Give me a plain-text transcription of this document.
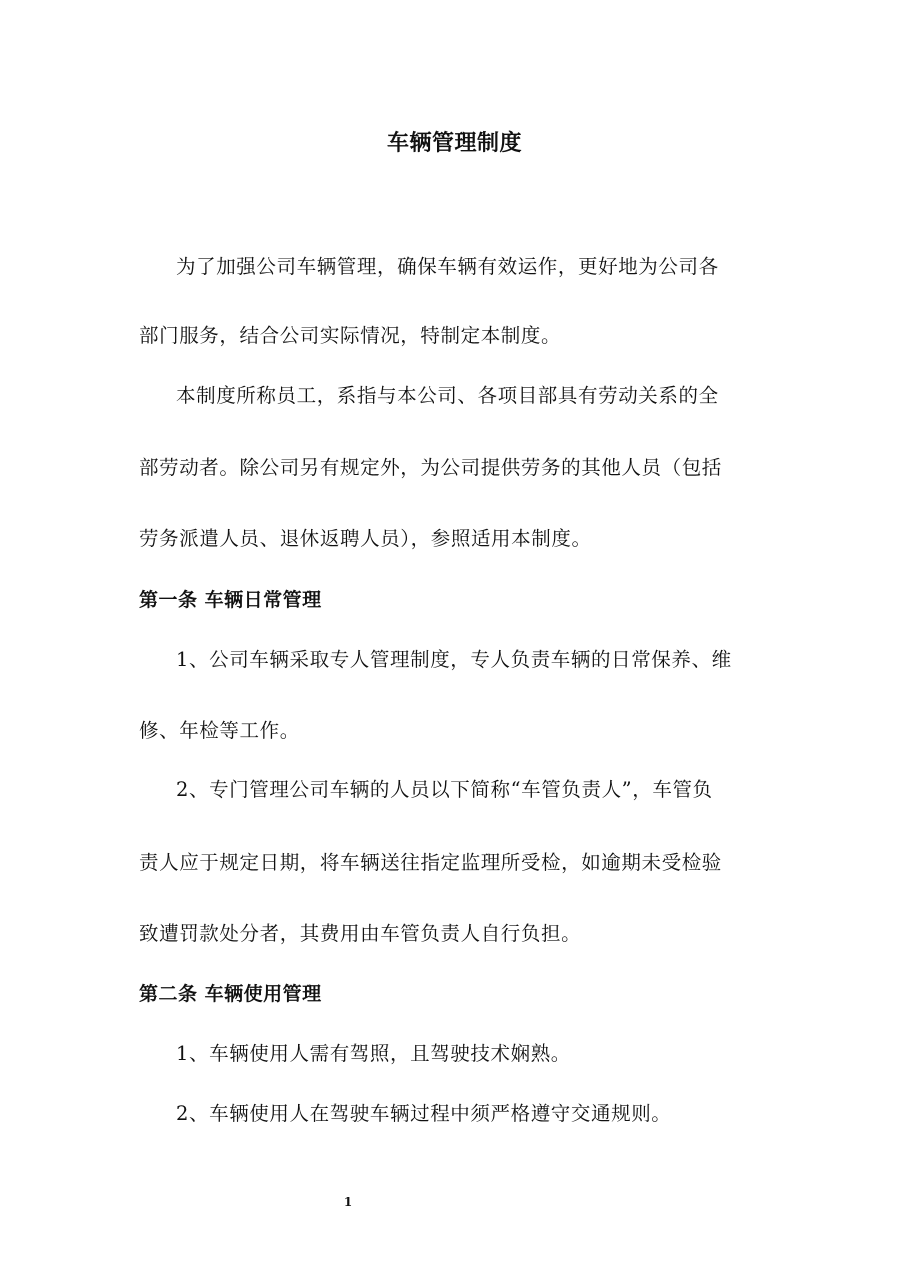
车辆管理制度
为了加强公司车辆管理，确保车辆有效运作，更好地为公司各
部门服务，结合公司实际情况，特制定本制度。
本制度所称员工，系指与本公司、各项目部具有劳动关系的全
部劳动者。除公司另有规定外，为公司提供劳务的其他人员（包括
劳务派遣人员、退休返聘人员），参照适用本制度。
第一条 车辆日常管理
1、公司车辆采取专人管理制度，专人负责车辆的日常保养、维
修、年检等工作。
2、专门管理公司车辆的人员以下简称“车管负责人”，车管负
责人应于规定日期，将车辆送往指定监理所受检，如逾期未受检验
致遭罚款处分者，其费用由车管负责人自行负担。
第二条 车辆使用管理
1、车辆使用人需有驾照，且驾驶技术娴熟。
2、车辆使用人在驾驶车辆过程中须严格遵守交通规则。
1
